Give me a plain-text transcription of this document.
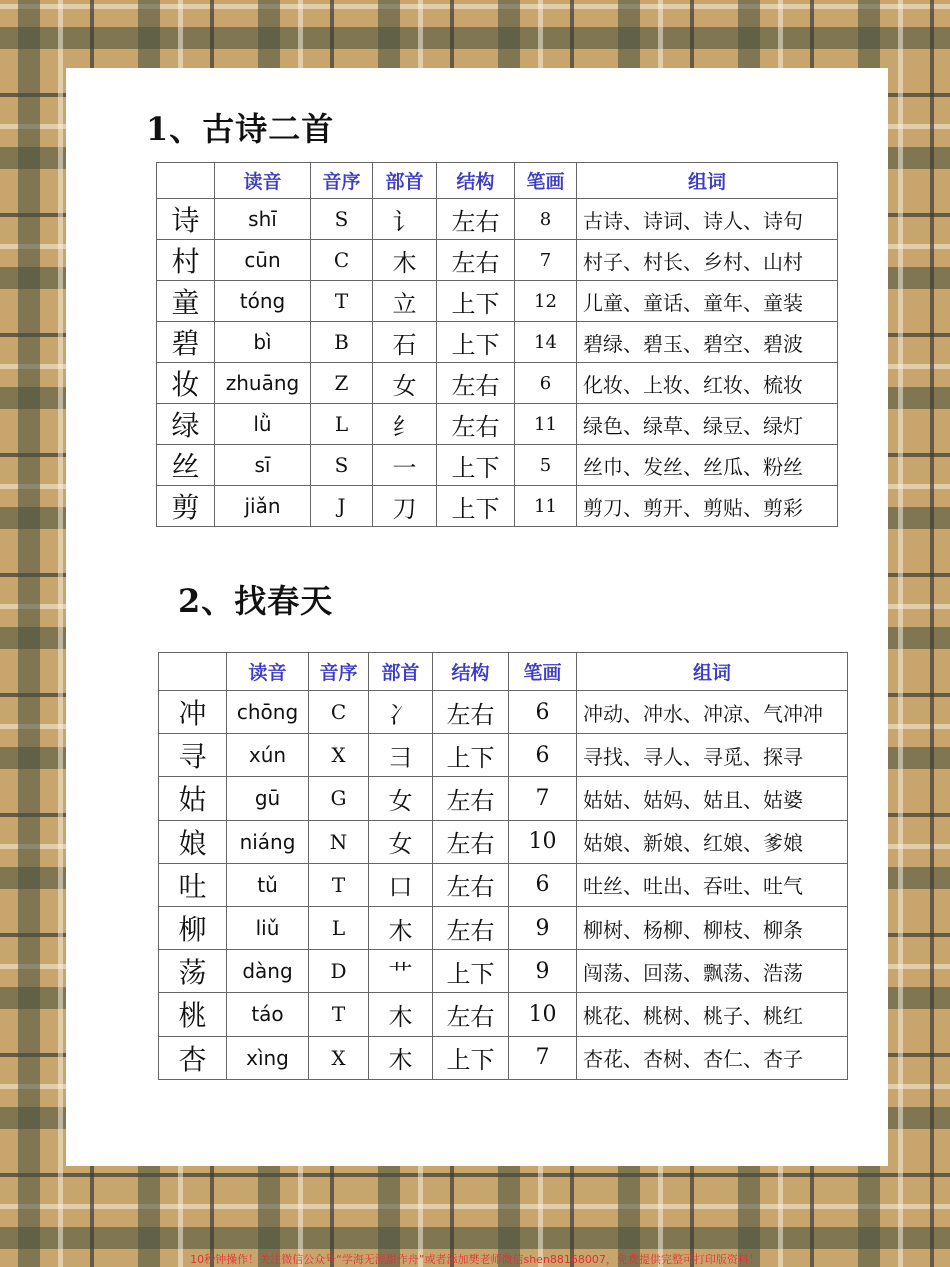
1、古诗二首
	读音	音序	部首	结构	笔画	组词
诗	shī	S	讠	左右	8	古诗、诗词、诗人、诗句
村	cūn	C	木	左右	7	村子、村长、乡村、山村
童	tóng	T	立	上下	12	儿童、童话、童年、童装
碧	bì	B	石	上下	14	碧绿、碧玉、碧空、碧波
妆	zhuāng	Z	女	左右	6	化妆、上妆、红妆、梳妆
绿	lǜ	L	纟	左右	11	绿色、绿草、绿豆、绿灯
丝	sī	S	一	上下	5	丝巾、发丝、丝瓜、粉丝
剪	jiǎn	J	刀	上下	11	剪刀、剪开、剪贴、剪彩
2、找春天
	读音	音序	部首	结构	笔画	组词
冲	chōng	C	冫	左右	6	冲动、冲水、冲凉、气冲冲
寻	xún	X	彐	上下	6	寻找、寻人、寻觅、探寻
姑	gū	G	女	左右	7	姑姑、姑妈、姑且、姑婆
娘	niáng	N	女	左右	10	姑娘、新娘、红娘、爹娘
吐	tǔ	T	口	左右	6	吐丝、吐出、吞吐、吐气
柳	liǔ	L	木	左右	9	柳树、杨柳、柳枝、柳条
荡	dàng	D	艹	上下	9	闯荡、回荡、飘荡、浩荡
桃	táo	T	木	左右	10	桃花、桃树、桃子、桃红
杏	xìng	X	木	上下	7	杏花、杏树、杏仁、杏子
10秒钟操作！关注微信公众号“学海无涯甜作舟”或者添加樊老师微信shen88168007，免费提供完整可打印版资料！
